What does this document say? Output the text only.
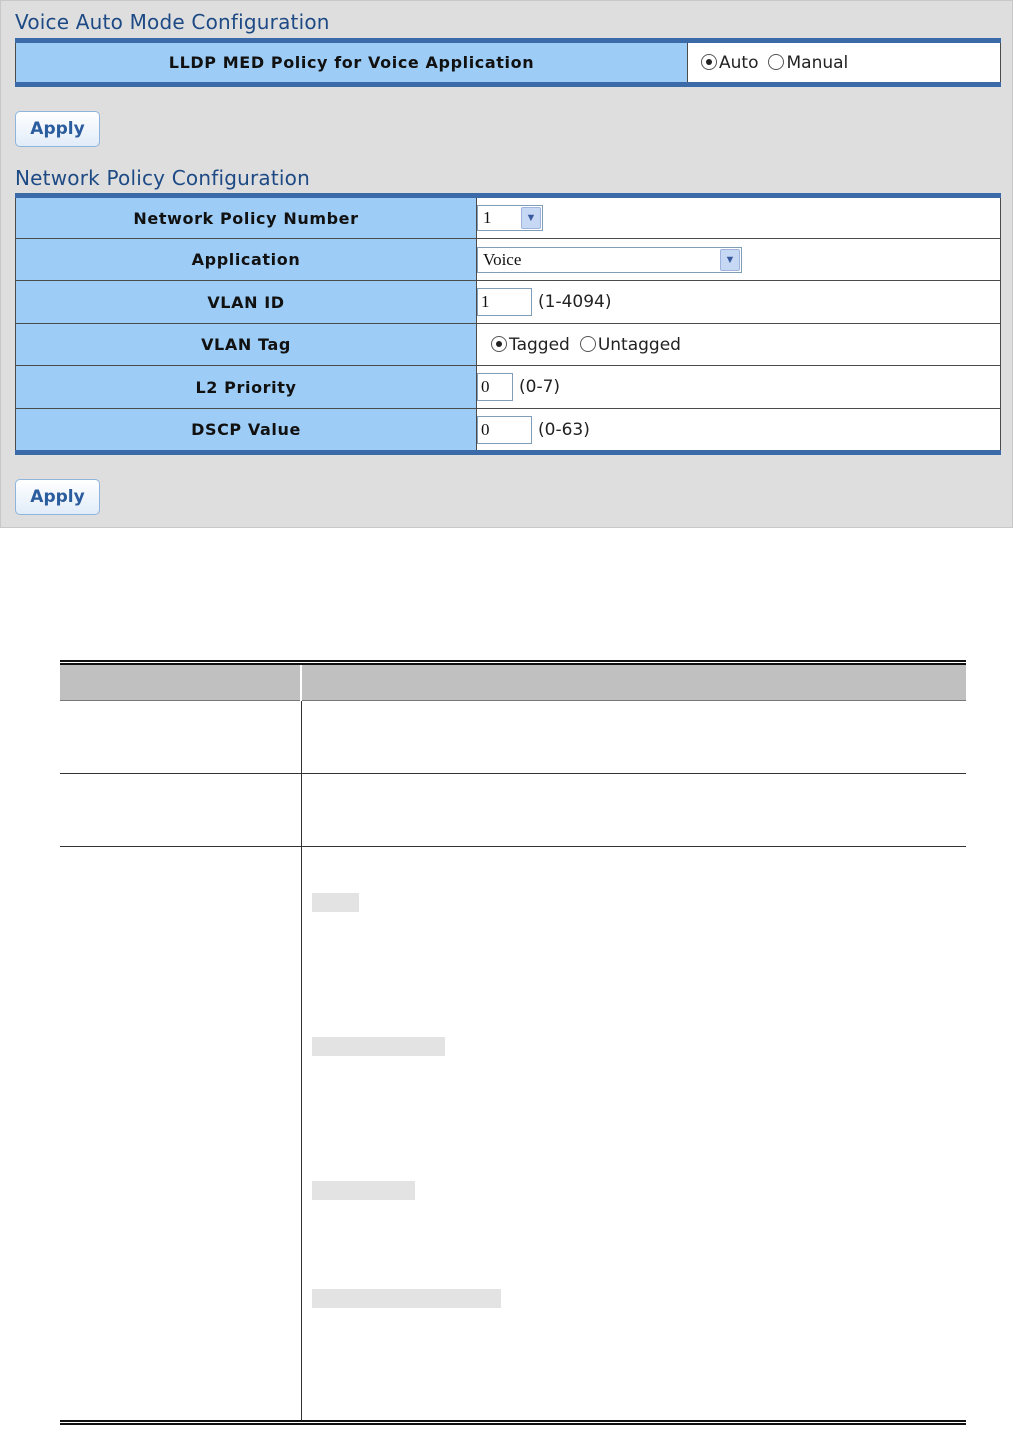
Voice Auto Mode Configuration
LLDP MED Policy for Voice Application	Auto Manual
Apply
Network Policy Configuration
Network Policy Number	1 ▼

Application	Voice ▼

VLAN ID	1 (1-4094)
VLAN Tag	Tagged Untagged
L2 Priority	0 (0-7)
DSCP Value	0 (0-63)
Apply
